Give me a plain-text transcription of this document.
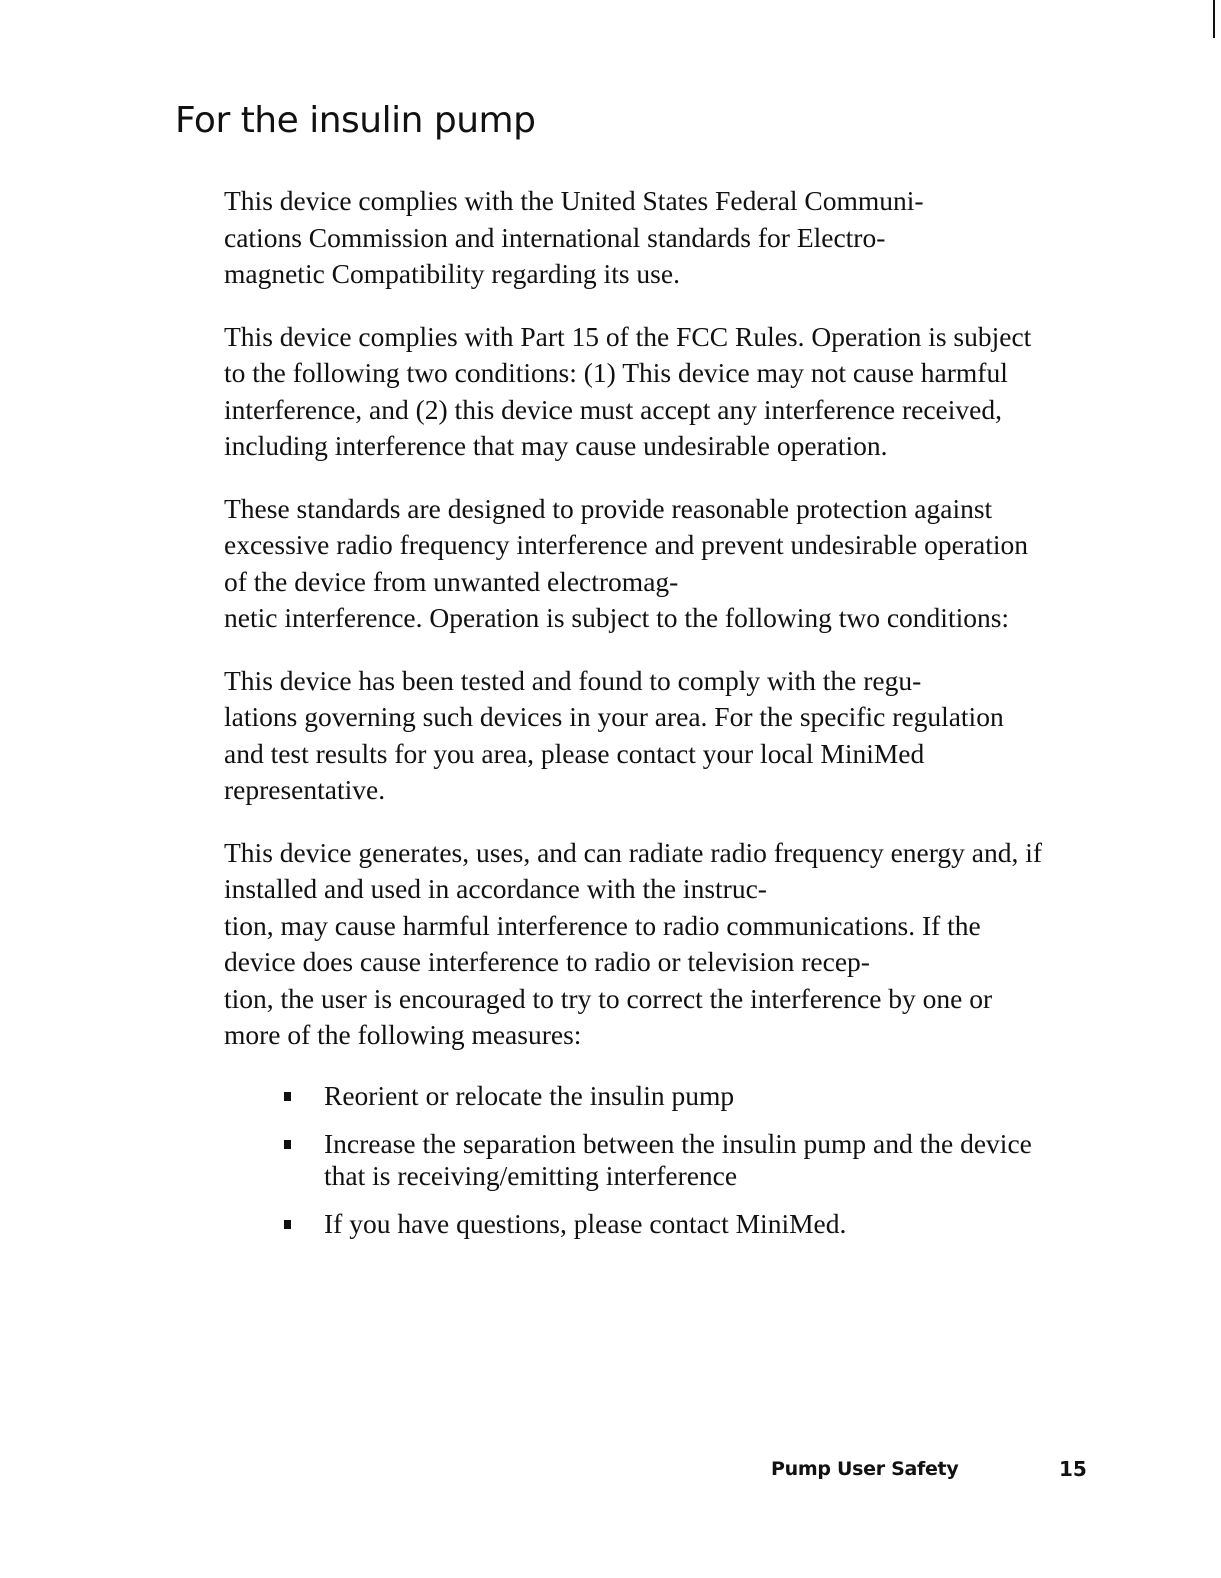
For the insulin pump

This device complies with the United States Federal Communi-
cations Commission and international standards for Electro-
magnetic Compatibility regarding its use.

This device complies with Part 15 of the FCC Rules. Operation is subject to the following two conditions: (1) This device may not cause harmful interference, and (2) this device must accept any interference received, including interference that may cause undesirable operation.

These standards are designed to provide reasonable protection against excessive radio frequency interference and prevent undesirable operation of the device from unwanted electromag-
netic interference. Operation is subject to the following two conditions:

This device has been tested and found to comply with the regu-
lations governing such devices in your area. For the specific regulation and test results for you area, please contact your local MiniMed representative.

This device generates, uses, and can radiate radio frequency energy and, if installed and used in accordance with the instruc-
tion, may cause harmful interference to radio communications. If the device does cause interference to radio or television recep-
tion, the user is encouraged to try to correct the interference by one or more of the following measures:

Reorient or relocate the insulin pump
Increase the separation between the insulin pump and the device that is receiving/emitting interference
If you have questions, please contact MiniMed.
Pump User Safety	15
